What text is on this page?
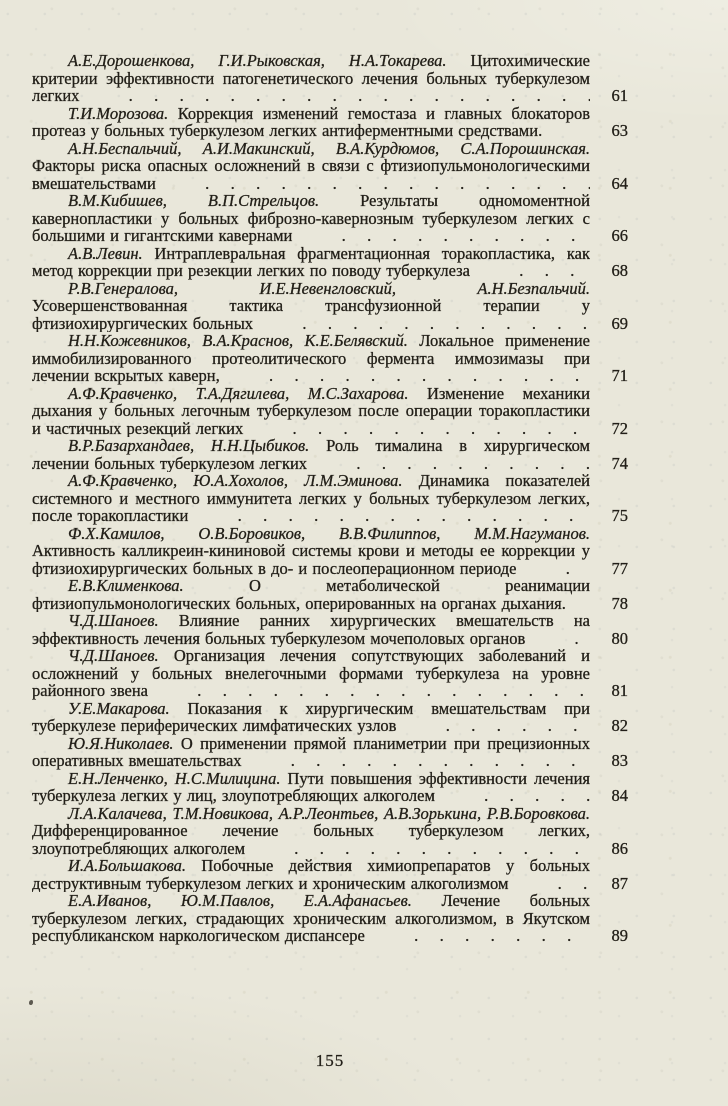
А.Е.Дорошенкова, Г.И.Рыковская, Н.А.Токарева. Цитохимические критерии эффективности патогенетического лечения больных туберкулезом легких	61
Т.И.Морозова. Коррекция изменений гемостаза и главных блокаторов протеаз у больных туберкулезом легких антиферментными средствами.	63
А.Н.Беспальчий, А.И.Макинский, В.А.Курдюмов, С.А.Порошинская. Факторы риска опасных осложнений в связи с фтизиопульмонологическими вмешательствами	64
В.М.Кибишев, В.П.Стрельцов. Результаты одномоментной кавернопластики у больных фиброзно-кавернозным туберкулезом легких с большими и гигантскими кавернами	66
А.В.Левин. Интраплевральная фрагментационная торакопластика, как метод коррекции при резекции легких по поводу туберкулеза	68
Р.В.Генералова, И.Е.Невенгловский, А.Н.Безпальчий. Усовершенствованная тактика трансфузионной терапии у фтизиохирургических больных	69
Н.Н.Кожевников, В.А.Краснов, К.Е.Белявский. Локальное применение иммобилизированного протеолитического фермента иммозимазы при лечении вскрытых каверн,	71
А.Ф.Кравченко, Т.А.Дягилева, М.С.Захарова. Изменение механики дыхания у больных легочным туберкулезом после операции торакопластики и частичных резекций легких	72
В.Р.Базархандаев, Н.Н.Цыбиков. Роль тималина в хирургическом лечении больных туберкулезом легких	74
А.Ф.Кравченко, Ю.А.Хохолов, Л.М.Эминова. Динамика показателей системного и местного иммунитета легких у больных туберкулезом легких, после торакопластики	75
Ф.Х.Камилов, О.В.Боровиков, В.В.Филиппов, М.М.Нагуманов. Активность калликреин-кининовой системы крови и методы ее коррекции у фтизиохирургических больных в до- и послеоперационном периоде	77
Е.В.Клименкова. О метаболической реанимации фтизиопульмонологических больных, оперированных на органах дыхания.	78
Ч.Д.Шаноев. Влияние ранних хирургических вмешательств на эффективность лечения больных туберкулезом мочеполовых органов	80
Ч.Д.Шаноев. Организация лечения сопутствующих заболеваний и осложнений у больных внелегочными формами туберкулеза на уровне районного звена	81
У.Е.Макарова. Показания к хирургическим вмешательствам при туберкулезе периферических лимфатических узлов	82
Ю.Я.Николаев. О применении прямой планиметрии при прецизионных оперативных вмешательствах	83
Е.Н.Ленченко, Н.С.Милицина. Пути повышения эффективности лечения туберкулеза легких у лиц, злоупотребляющих алкоголем	84
Л.А.Калачева, Т.М.Новикова, А.Р.Леонтьев, А.В.Зорькина, Р.В.Боровкова. Дифференцированное лечение больных туберкулезом легких, злоупотребляющих алкоголем	86
И.А.Большакова. Побочные действия химиопрепаратов у больных деструктивным туберкулезом легких и хроническим алкоголизмом	87
Е.А.Иванов, Ю.М.Павлов, Е.А.Афанасьев. Лечение больных туберкулезом легких, страдающих хроническим алкоголизмом, в Якутском республиканском наркологическом диспансере	89
155
